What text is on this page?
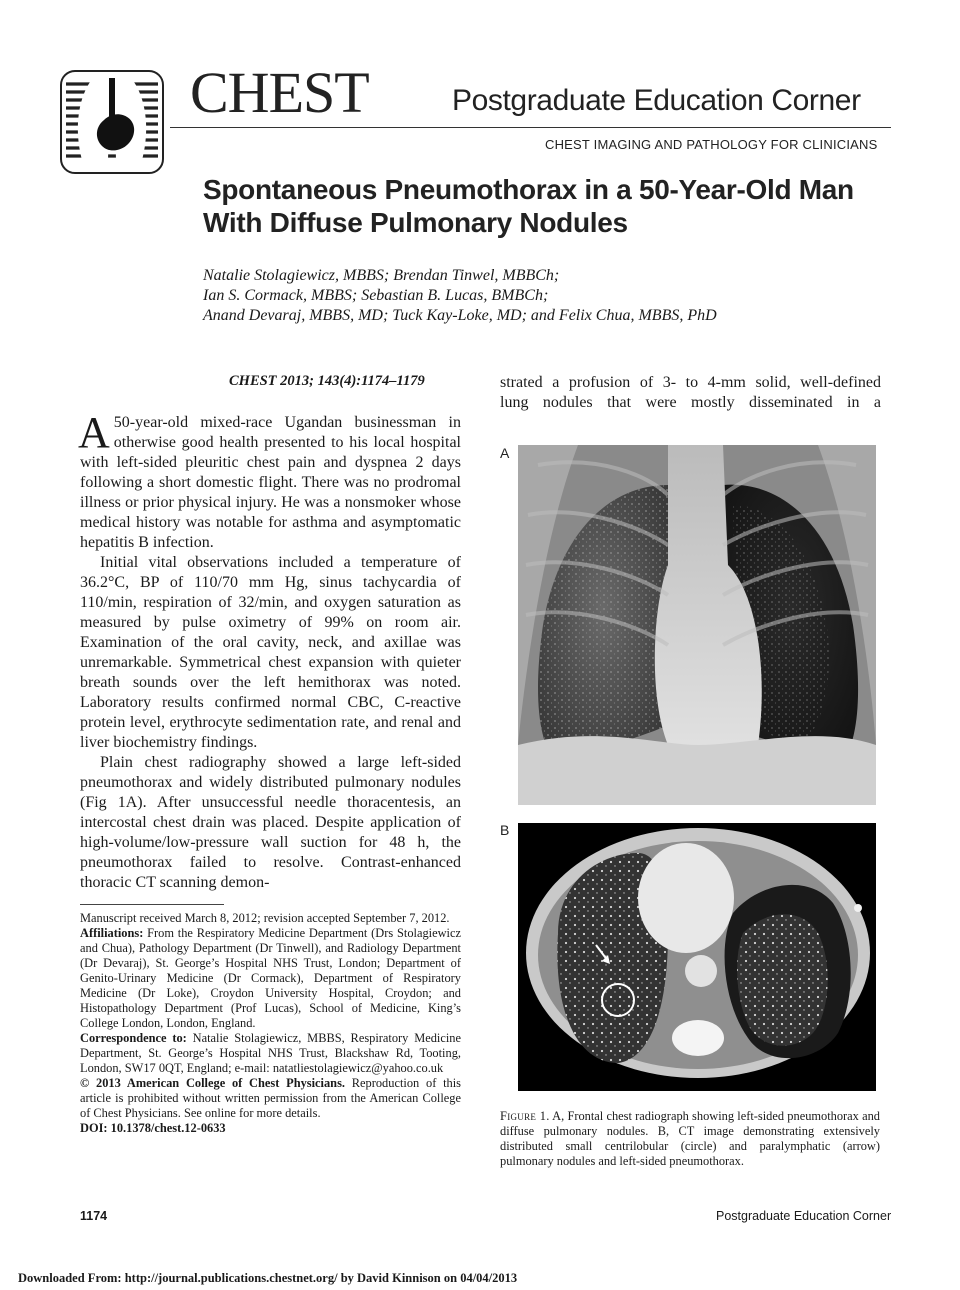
CHEST	Postgraduate Education Corner
CHEST IMAGING AND PATHOLOGY FOR CLINICIANS
Spontaneous Pneumothorax in a 50-Year-Old Man With Diffuse Pulmonary Nodules
Natalie Stolagiewicz, MBBS; Brendan Tinwel, MBBCh;
Ian S. Cormack, MBBS; Sebastian B. Lucas, BMBCh;
Anand Devaraj, MBBS, MD; Tuck Kay-Loke, MD; and Felix Chua, MBBS, PhD
CHEST 2013; 143(4):1174–1179

A 50-year-old mixed-race Ugandan businessman in otherwise good health presented to his local hospital with left-sided pleuritic chest pain and dyspnea 2 days following a short domestic flight. There was no prodromal illness or prior physical injury. He was a nonsmoker whose medical history was notable for asthma and asymptomatic hepatitis B infection.

Initial vital observations included a temperature of 36.2°C, BP of 110/70 mm Hg, sinus tachycardia of 110/min, respiration of 32/min, and oxygen saturation as measured by pulse oximetry of 99% on room air. Examination of the oral cavity, neck, and axillae was unremarkable. Symmetrical chest expansion with quieter breath sounds over the left hemithorax was noted. Laboratory results confirmed normal CBC, C-reactive protein level, erythrocyte sedimentation rate, and renal and liver biochemistry findings.

Plain chest radiography showed a large left-sided pneumothorax and widely distributed pulmonary nodules (Fig 1A). After unsuccessful needle thoracentesis, an intercostal chest drain was placed. Despite application of high-volume/low-pressure wall suction for 48 h, the pneumothorax failed to resolve. Contrast-enhanced thoracic CT scanning demon-

strated a profusion of 3- to 4-mm solid, well-defined
lung nodules that were mostly disseminated in a

Manuscript received March 8, 2012; revision accepted September 7, 2012.

Affiliations: From the Respiratory Medicine Department (Drs Stolagiewicz and Chua), Pathology Department (Dr Tinwell), and Radiology Department (Dr Devaraj), St. George’s Hospital NHS Trust, London; Department of Genito-Urinary Medicine (Dr Cormack), Department of Respiratory Medicine (Dr Loke), Croydon University Hospital, Croydon; and Histopathology Department (Prof Lucas), School of Medicine, King’s College London, London, England.

Correspondence to: Natalie Stolagiewicz, MBBS, Respiratory Medicine Department, St. George’s Hospital NHS Trust, Blackshaw Rd, Tooting, London, SW17 0QT, England; e-mail: natatliestolagiewicz@yahoo.co.uk

© 2013 American College of Chest Physicians. Reproduction of this article is prohibited without written permission from the American College of Chest Physicians. See online for more details.

DOI: 10.1378/chest.12-0633

A
B
Figure 1. A, Frontal chest radiograph showing left-sided pneumothorax and diffuse pulmonary nodules. B, CT image demonstrating extensively distributed small centrilobular (circle) and paralymphatic (arrow) pulmonary nodules and left-sided pneumothorax.
1174	Postgraduate Education Corner
Downloaded From: http://journal.publications.chestnet.org/ by David Kinnison on 04/04/2013
